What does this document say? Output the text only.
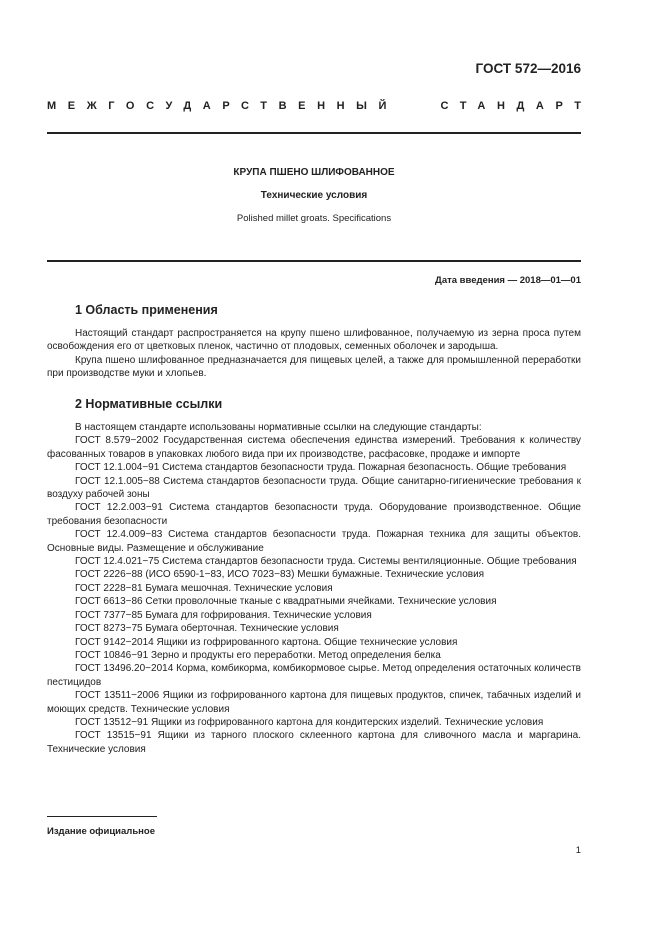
ГОСТ 572—2016
МЕЖГОСУДАРСТВЕННЫЙ	СТАНДАРТ
КРУПА ПШЕНО ШЛИФОВАННОЕ
Технические условия
Polished millet groats. Specifications
Дата введения — 2018—01—01
1 Область применения

Настоящий стандарт распространяется на крупу пшено шлифованное, получаемую из зерна проса путем освобождения его от цветковых пленок, частично от плодовых, семенных оболочек и зародыша.

Крупа пшено шлифованное предназначается для пищевых целей, а также для промышленной переработки при производстве муки и хлопьев.

2 Нормативные ссылки

В настоящем стандарте использованы нормативные ссылки на следующие стандарты:

ГОСТ 8.579−2002 Государственная система обеспечения единства измерений. Требования к количеству фасованных товаров в упаковках любого вида при их производстве, расфасовке, продаже и импорте

ГОСТ 12.1.004−91 Система стандартов безопасности труда. Пожарная безопасность. Общие требования

ГОСТ 12.1.005−88 Система стандартов безопасности труда. Общие санитарно-гигиенические требования к воздуху рабочей зоны

ГОСТ 12.2.003−91 Система стандартов безопасности труда. Оборудование производственное. Общие требования безопасности

ГОСТ 12.4.009−83 Система стандартов безопасности труда. Пожарная техника для защиты объектов. Основные виды. Размещение и обслуживание

ГОСТ 12.4.021−75 Система стандартов безопасности труда. Системы вентиляционные. Общие требования

ГОСТ 2226−88 (ИСО 6590-1−83, ИСО 7023−83) Мешки бумажные. Технические условия

ГОСТ 2228−81 Бумага мешочная. Технические условия

ГОСТ 6613−86 Сетки проволочные тканые с квадратными ячейками. Технические условия

ГОСТ 7377−85 Бумага для гофрирования. Технические условия

ГОСТ 8273−75 Бумага оберточная. Технические условия

ГОСТ 9142−2014 Ящики из гофрированного картона. Общие технические условия

ГОСТ 10846−91 Зерно и продукты его переработки. Метод определения белка

ГОСТ 13496.20−2014 Корма, комбикорма, комбикормовое сырье. Метод определения остаточных количеств пестицидов

ГОСТ 13511−2006 Ящики из гофрированного картона для пищевых продуктов, спичек, табачных изделий и моющих средств. Технические условия

ГОСТ 13512−91 Ящики из гофрированного картона для кондитерских изделий. Технические условия

ГОСТ 13515−91 Ящики из тарного плоского склеенного картона для сливочного масла и маргарина. Технические условия

Издание официальное
1
